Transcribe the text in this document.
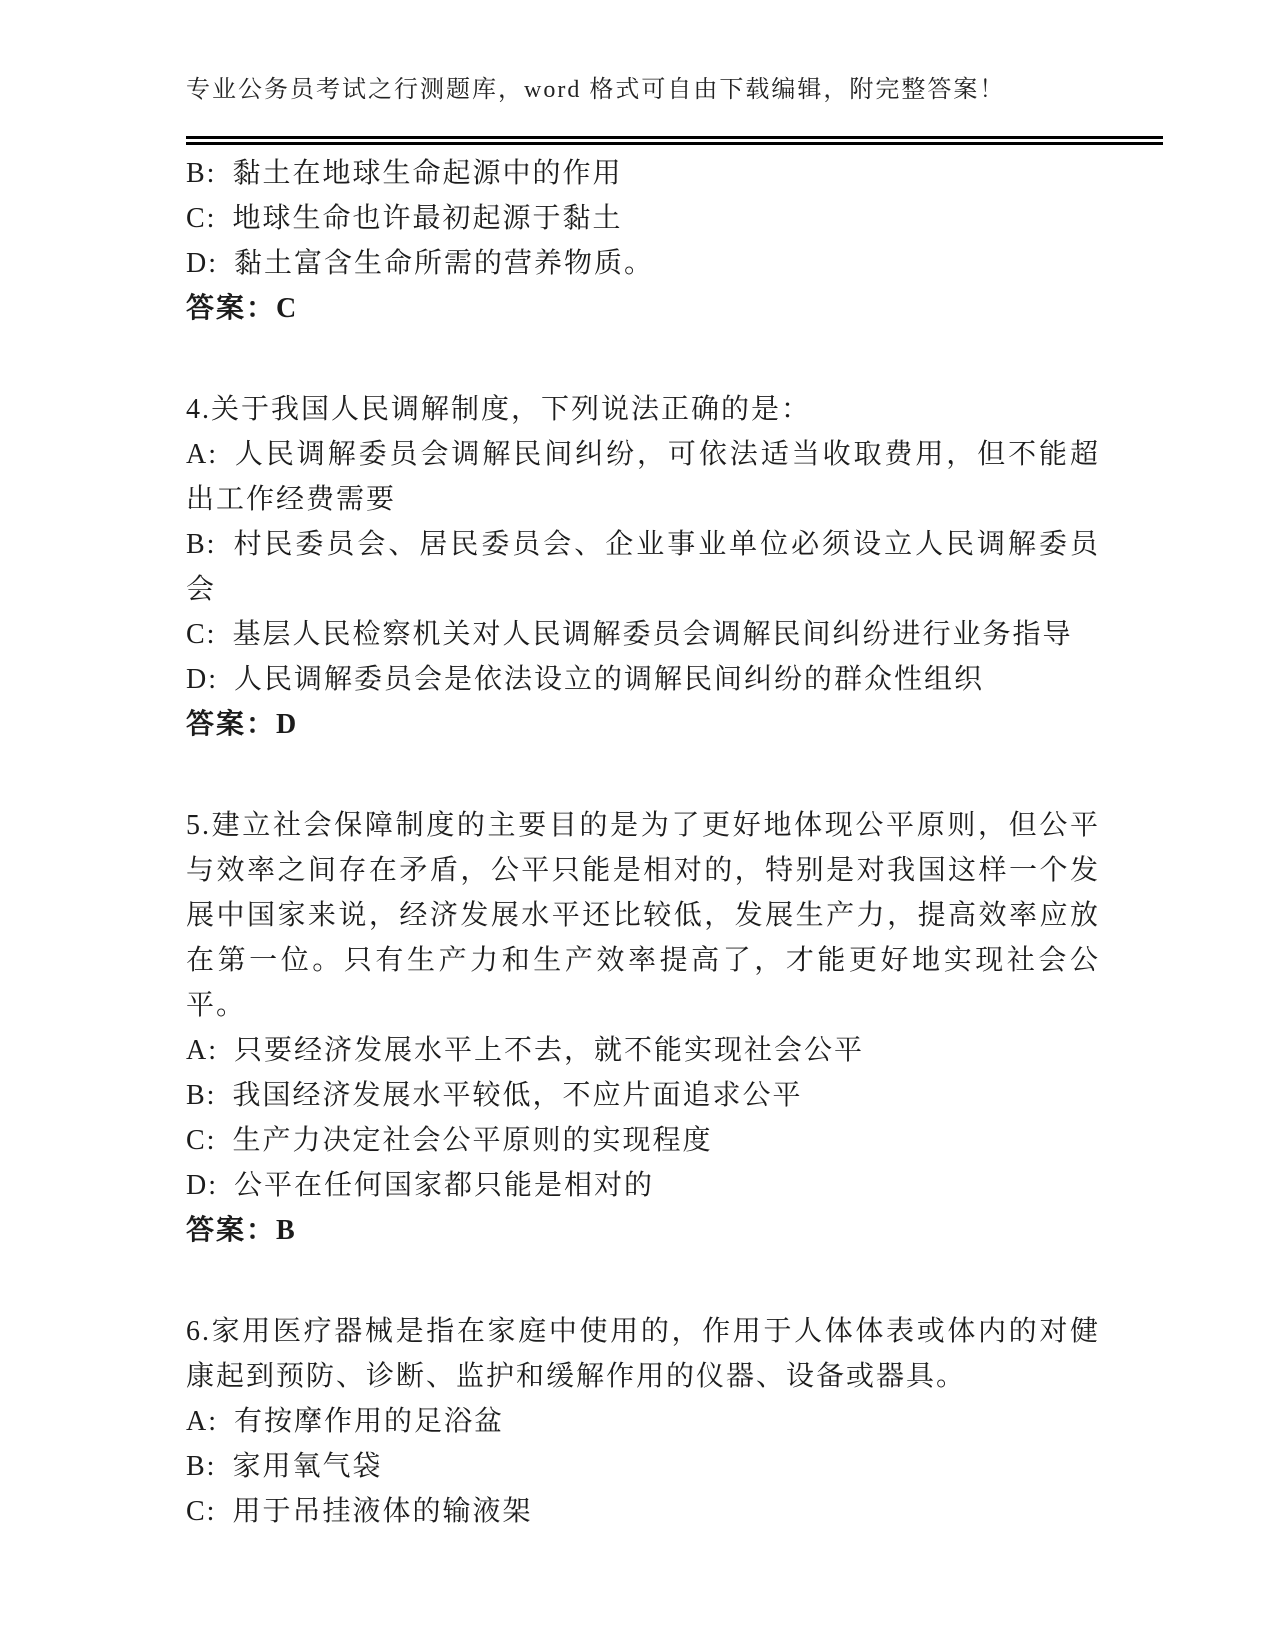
专业公务员考试之行测题库，word 格式可自由下载编辑，附完整答案！

B: 黏土在地球生命起源中的作用

C: 地球生命也许最初起源于黏土

D: 黏土富含生命所需的营养物质。

答案：C

4.关于我国人民调解制度，下列说法正确的是：

A: 人民调解委员会调解民间纠纷，可依法适当收取费用，但不能超出工作经费需要

B: 村民委员会、居民委员会、企业事业单位必须设立人民调解委员会

C: 基层人民检察机关对人民调解委员会调解民间纠纷进行业务指导

D: 人民调解委员会是依法设立的调解民间纠纷的群众性组织

答案：D

5.建立社会保障制度的主要目的是为了更好地体现公平原则，但公平与效率之间存在矛盾，公平只能是相对的，特别是对我国这样一个发展中国家来说，经济发展水平还比较低，发展生产力，提高效率应放在第一位。只有生产力和生产效率提高了，才能更好地实现社会公平。

A: 只要经济发展水平上不去，就不能实现社会公平

B: 我国经济发展水平较低，不应片面追求公平

C: 生产力决定社会公平原则的实现程度

D: 公平在任何国家都只能是相对的

答案：B

6.家用医疗器械是指在家庭中使用的，作用于人体体表或体内的对健康起到预防、诊断、监护和缓解作用的仪器、设备或器具。

A: 有按摩作用的足浴盆

B: 家用氧气袋

C: 用于吊挂液体的输液架
